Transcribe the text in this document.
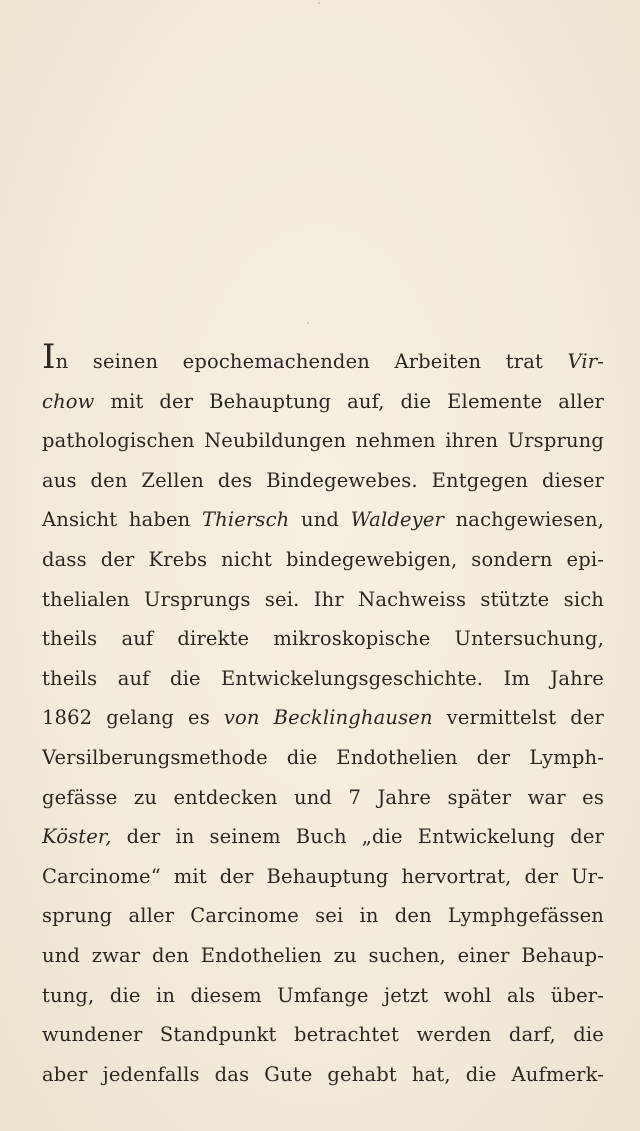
In seinen epochemachenden Arbeiten trat Vir-
chow mit der Behauptung auf, die Elemente aller
pathologischen Neubildungen nehmen ihren Ursprung
aus den Zellen des Bindegewebes. Entgegen dieser
Ansicht haben Thiersch und Waldeyer nachgewiesen,
dass der Krebs nicht bindegewebigen, sondern epi-
thelialen Ursprungs sei. Ihr Nachweiss stützte sich
theils auf direkte mikroskopische Untersuchung,
theils auf die Entwickelungsgeschichte. Im Jahre
1862 gelang es von Becklinghausen vermittelst der
Versilberungsmethode die Endothelien der Lymph-
gefässe zu entdecken und 7 Jahre später war es
Köster, der in seinem Buch „die Entwickelung der
Carcinome“ mit der Behauptung hervortrat, der Ur-
sprung aller Carcinome sei in den Lymphgefässen
und zwar den Endothelien zu suchen, einer Behaup-
tung, die in diesem Umfange jetzt wohl als über-
wundener Standpunkt betrachtet werden darf, die
aber jedenfalls das Gute gehabt hat, die Aufmerk-
